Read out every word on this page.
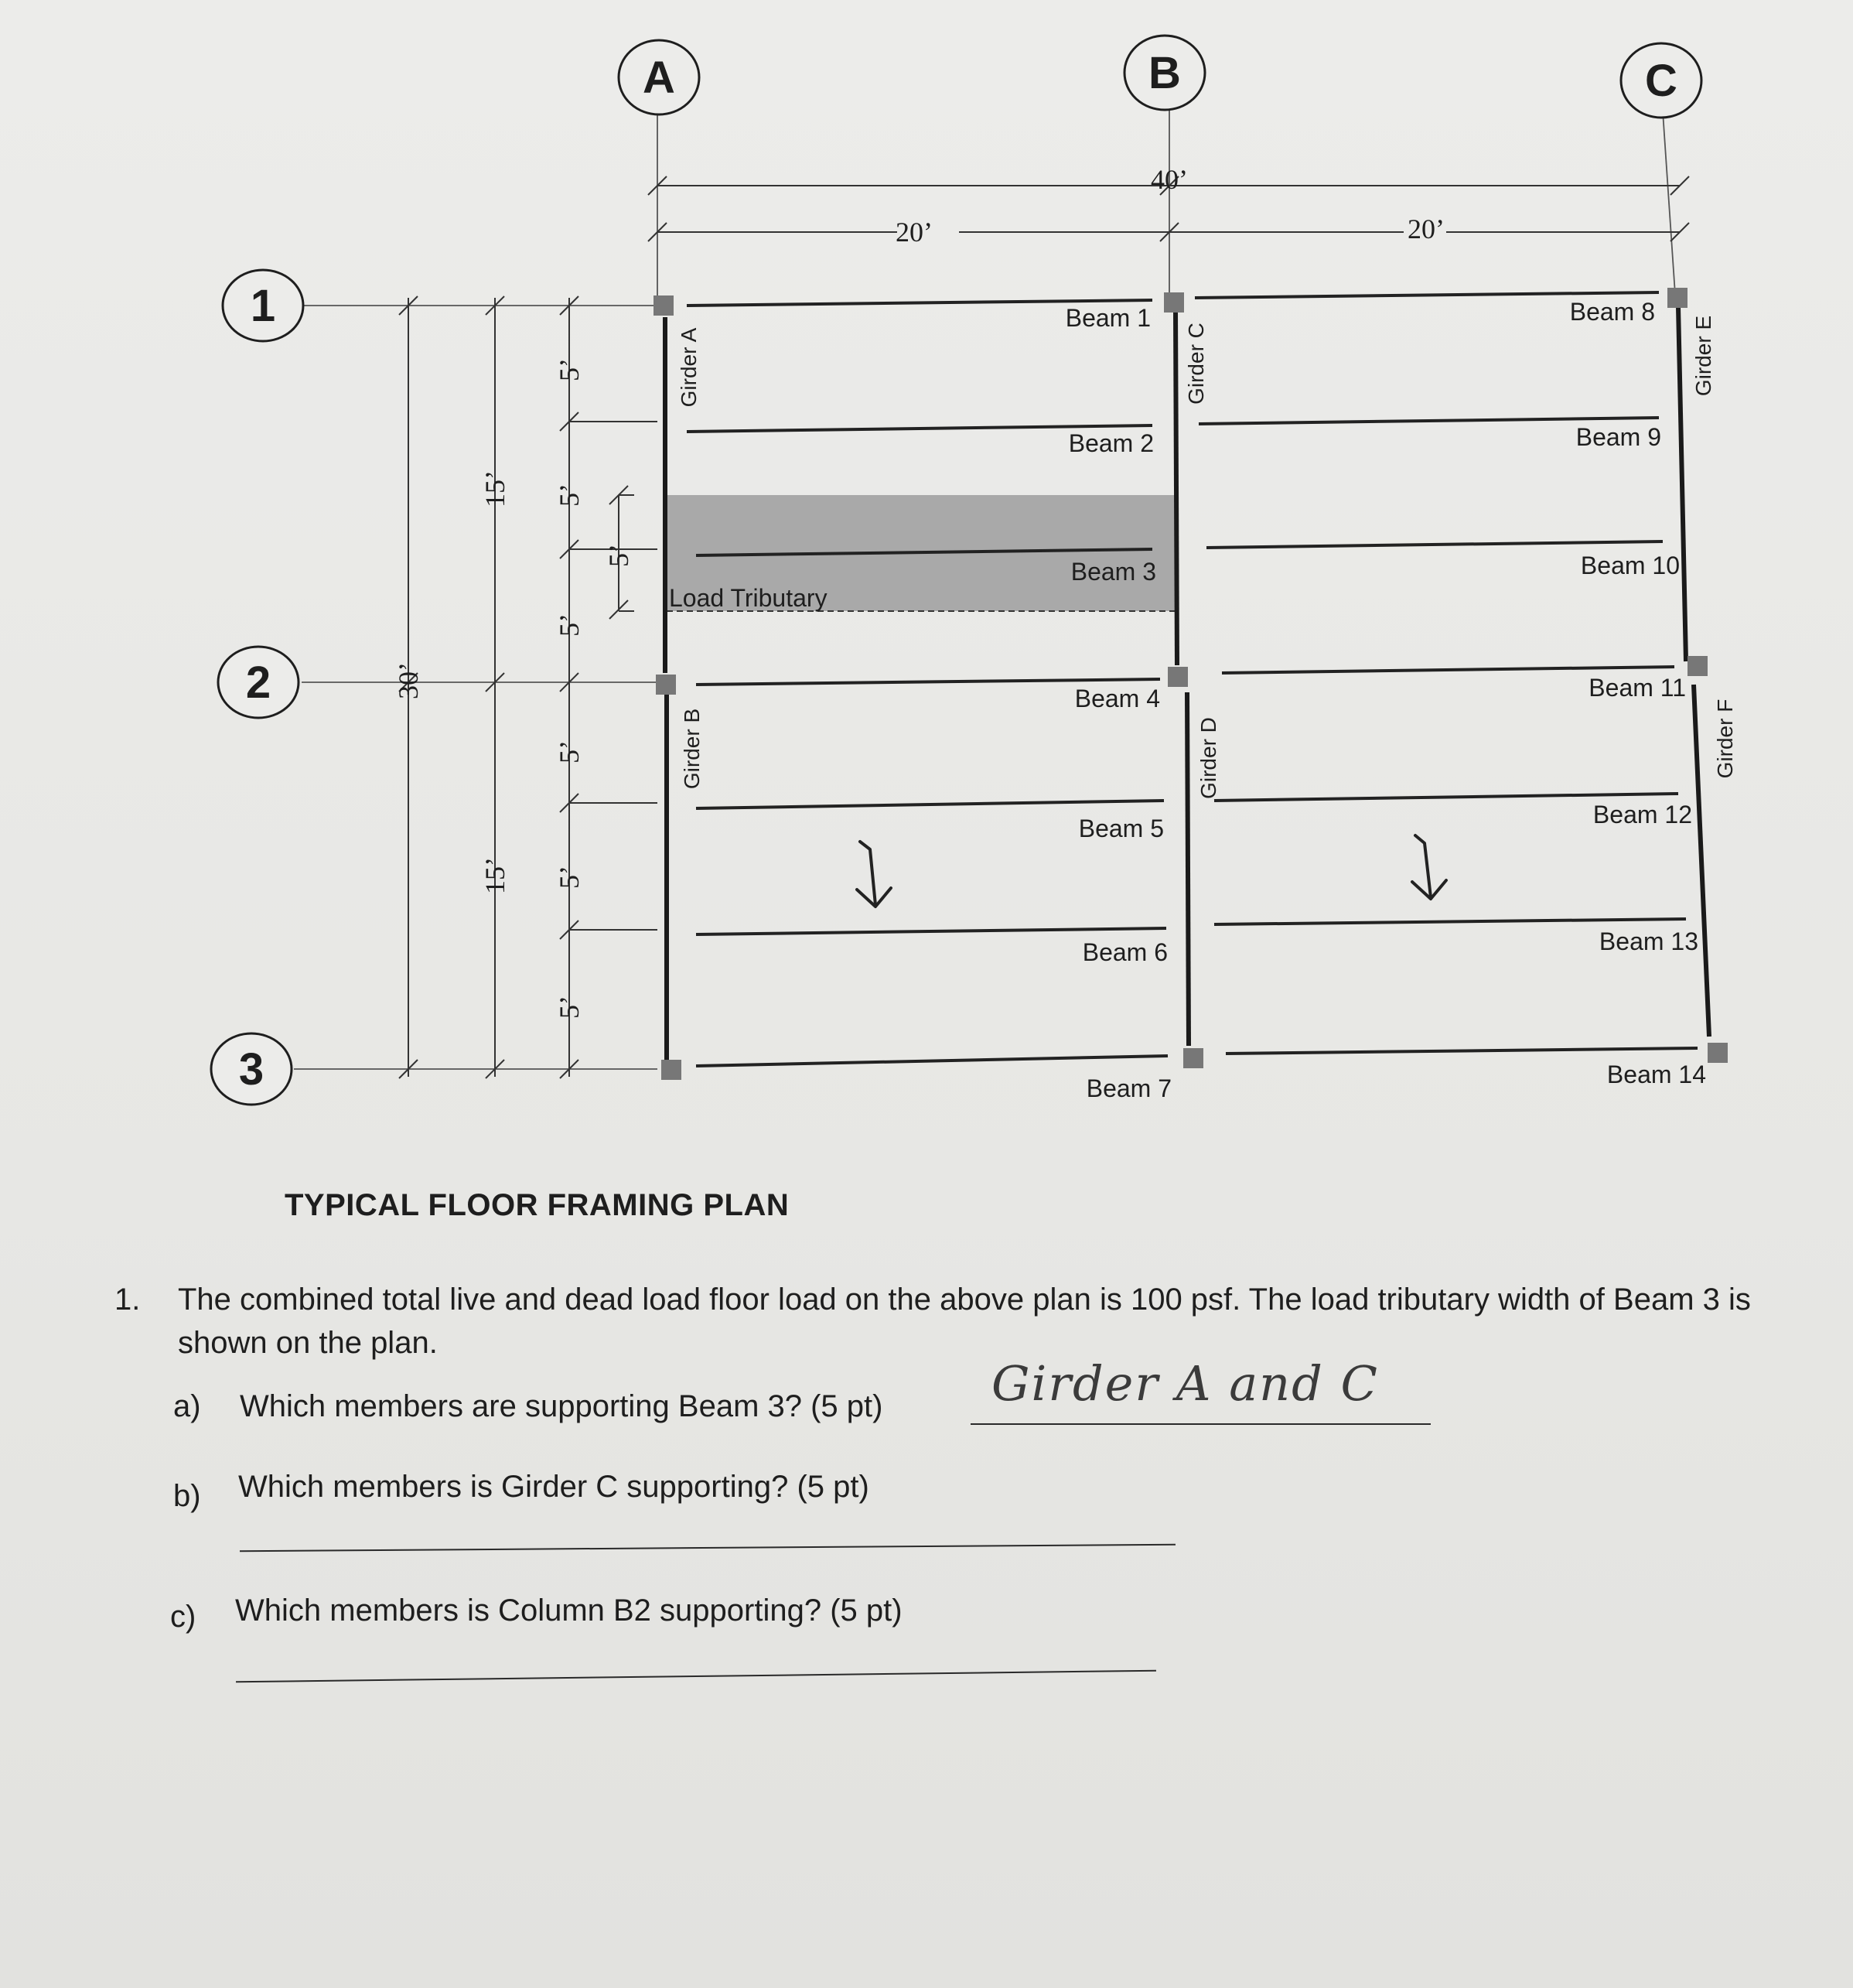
A	B	C
1
2
3
40’
20’	20’
30’
15’
15’
5’
5’
5’
5’
5’
5’
5’
Beam 1
Beam 2
Beam 3
Beam 4
Beam 5
Beam 6
Beam 7
Beam 8
Beam 9
Beam 10
Beam 11
Beam 12
Beam 13
Beam 14
Girder A
Girder B
Girder C
Girder D
Girder E
Girder F
Load Tributary
TYPICAL FLOOR FRAMING PLAN
1. The combined total live and dead load floor load on the above plan is 100 psf. The load tributary width of Beam 3 is shown on the plan.
a) Which members are supporting Beam 3? (5 pt) Girder A and C
b) Which members is Girder C supporting? (5 pt)
c) Which members is Column B2 supporting? (5 pt)
